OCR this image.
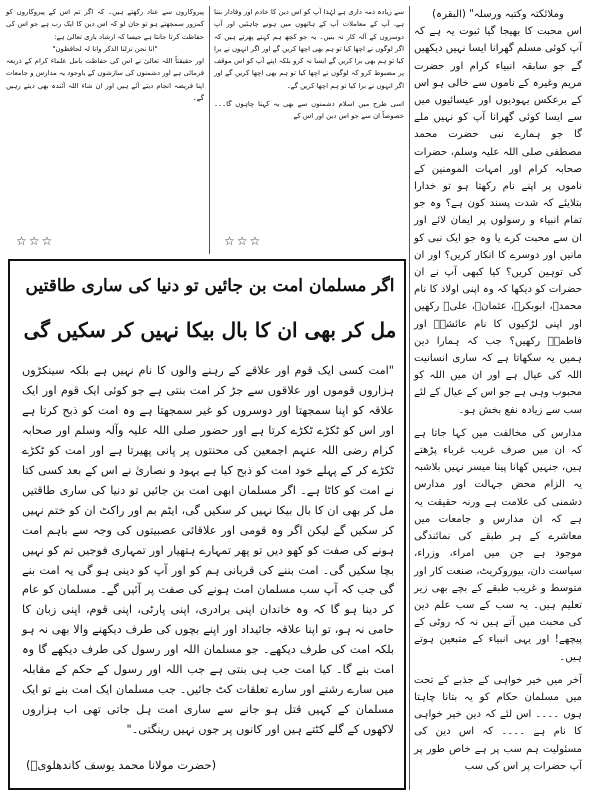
وملائکتہ وکتبہ ورسلہ" (البقرہ)

اس محبت کا بھیجا گیا ثبوت یہ ہے کہ آپ کوئی مسلم گھرانا ایسا نہیں دیکھیں گے جو سابقہ انبیاء کرام اور حضرت مریم وغیرہ کے ناموں سے خالی ہو اس کے برعکس یہودیوں اور عیسائیوں میں سے ایسا کوئی گھرانا آپ کو نہیں ملے گا جو ہمارے نبی حضرت محمد مصطفی صلی اللہ علیہ وسلم، حضرات صحابہ کرام اور امہات المومنین کے ناموں پر اپنے نام رکھتا ہو تو خدارا بتلایئے کہ شدت پسند کون ہے؟ وہ جو تمام انبیاء و رسولوں پر ایمان لائے اور ان سے محبت کرے یا وہ جو ایک نبی کو مانیں اور دوسرے کا انکار کریں؟ اور ان کی توہین کریں؟ کیا کبھی آپ نے ان حضرات کو دیکھا کہ وہ اپنی اولاد کا نام محمدؐ، ابوبکرؓ، عثمانؓ، علیؓ رکھیں اور اپنی لڑکیوں کا نام عائشہؓ اور فاطمہؓ رکھیں؟ جب کہ ہمارا دین ہمیں یہ سکھاتا ہے کہ ساری انسانیت اللہ کی عیال ہے اور ان میں اللہ کو محبوب وہی ہے جو اس کے عیال کے لئے سب سے زیادہ نفع بخش ہو۔

مدارس کی مخالفت میں کہا جاتا ہے کہ ان میں صرف غریب غرباء پڑھتے ہیں، جنہیں کھانا پینا میسر نہیں بلاشبہ یہ الزام محض جہالت اور مدارس دشمنی کی علامت ہے ورنہ حقیقت یہ ہے کہ ان مدارس و جامعات میں معاشرے کے ہر طبقے کی نمائندگی موجود ہے جن میں امراء، وزراء، سیاست دان، بیوروکریٹ، صنعت کار اور متوسط و غریب طبقے کے بچے بھی زیر تعلیم ہیں۔ یہ سب کے سب علم دین کی محبت میں آتے ہیں نہ کہ روٹی کے پیچھے! اور یہی انبیاء کے متبعین ہوتے ہیں۔

آخر میں خیر خواہی کے جذبے کے تحت میں مسلمان حکام کو یہ بتانا چاہتا ہوں ۔۔۔۔ اس لئے کہ دین خیر خواہی کا نام ہے ۔۔۔۔ کہ اس دین کی مسئولیت ہم سب پر ہے خاص طور پر آپ حضرات پر اس کی سب

سے زیادہ ذمہ داری ہے لہٰذا آپ کو اس دین کا خادم اور وفادار بننا ہے، آپ کے معاملات آپ کے ہاتھوں میں ہونے چاہئیں اور آپ دوسروں کے آلہ کار نہ بنیں۔ یہ جو کچھ ہم کہتے پھرتے ہیں کہ اگر لوگوں نے اچھا کیا تو ہم بھی اچھا کریں گے اور اگر انہوں نے برا کیا تو ہم بھی برا کریں گے ایسا نہ کرو بلکہ اپنے آپ کو اس موقف پر مضبوط کرو کہ لوگوں نے اچھا کیا تو ہم بھی اچھا کریں گے اور اگر انہوں نے برا کیا تو ہم اچھا کریں گے۔

اسی طرح میں اسلام دشمنوں سے بھی یہ کہنا چاہوں گا۔۔۔ خصوصاً ان سے جو اس دین اور اس کے

پیروکاروں سے عناد رکھتے ہیں۔ کہ اگر تم اس کے پیروکاروں کو کمزور سمجھتے ہو تو جان لو کہ اس دین کا ایک رب ہے جو اس کی حفاظت کرتا جانتا ہے جیسا کہ ارشاد باری تعالیٰ ہے:

"انا نحن نزلنا الذکر وانا لہ لحافظون"

اور حقیقتاً اللہ تعالیٰ نے اس کی حفاظت بامل علماء کرام کے ذریعہ فرمائی ہے اور دشمنوں کی سازشوں کے باوجود یہ مدارس و جامعات اپنا فریضہ انجام دیتے آئے ہیں اور ان شاء اللہ آئندہ بھی دیتے رہیں گے۔

☆☆☆	☆☆☆
اگر مسلمان امت بن جائیں تو دنیا کی ساری طاقتیں
مل کر بھی ان کا بال بیکا نہیں کر سکیں گی

"امت کسی ایک قوم اور علاقے کے رہنے والوں کا نام نہیں ہے بلکہ سینکڑوں ہزاروں قوموں اور علاقوں سے جڑ کر امت بنتی ہے جو کوئی ایک قوم اور ایک علاقہ کو اپنا سمجھتا اور دوسروں کو غیر سمجھتا ہے وہ امت کو ذبح کرتا ہے اور اس کو ٹکڑے ٹکڑے کرتا ہے اور حضور صلی اللہ علیہ وآلہ وسلم اور صحابہ کرام رضی اللہ عنہم اجمعین کی محنتوں پر پانی پھیرتا ہے اور امت کو ٹکڑے ٹکڑے کر کے پہلے خود امت کو ذبح کیا ہے یہود و نصاریٰ نے اس کے بعد کسی کتا نے امت کو کاٹا ہے۔ اگر مسلمان ابھی امت بن جائیں تو دنیا کی ساری طاقتیں مل کر بھی ان کا بال بیکا نہیں کر سکیں گی، ایٹم بم اور راکٹ ان کو ختم نہیں کر سکیں گے لیکن اگر وہ قومی اور علاقائی عصبیتوں کی وجہ سے باہم امت ہونے کی صفت کو کھو دیں تو پھر تمہارے ہتھیار اور تمہاری فوجیں تم کو نہیں بچا سکیں گی۔ امت بننے کی قربانی ہم کو اور آپ کو دینی ہو گی یہ امت بنے گی جب کہ آپ سب مسلمان امت ہونے کی صفت پر آئیں گے۔ مسلمان کو عام کر دینا ہو گا کہ وہ خاندان اپنی برادری، اپنی پارٹی، اپنی قوم، اپنی زبان کا حامی نہ ہو، تو اپنا علاقہ جائیداد اور اپنے بچوں کی طرف دیکھنے والا بھی نہ ہو بلکہ امت کی طرف دیکھے۔ جو مسلمان اللہ اور رسول کی طرف دیکھے گا وہ امت بنے گا۔ کیا امت جب ہی بنتی ہے جب اللہ اور رسول کے حکم کے مقابلہ میں سارے رشتے اور سارے تعلقات کٹ جائیں۔ جب مسلمان ایک امت بنے تو ایک مسلمان کے کہیں قتل ہو جانے سے ساری امت ہل جاتی تھی اب ہزاروں لاکھوں کے گلے کٹتے ہیں اور کانوں پر جوں نہیں رینگتی۔"

(حضرت مولانا محمد یوسف کاندھلویؒ)
